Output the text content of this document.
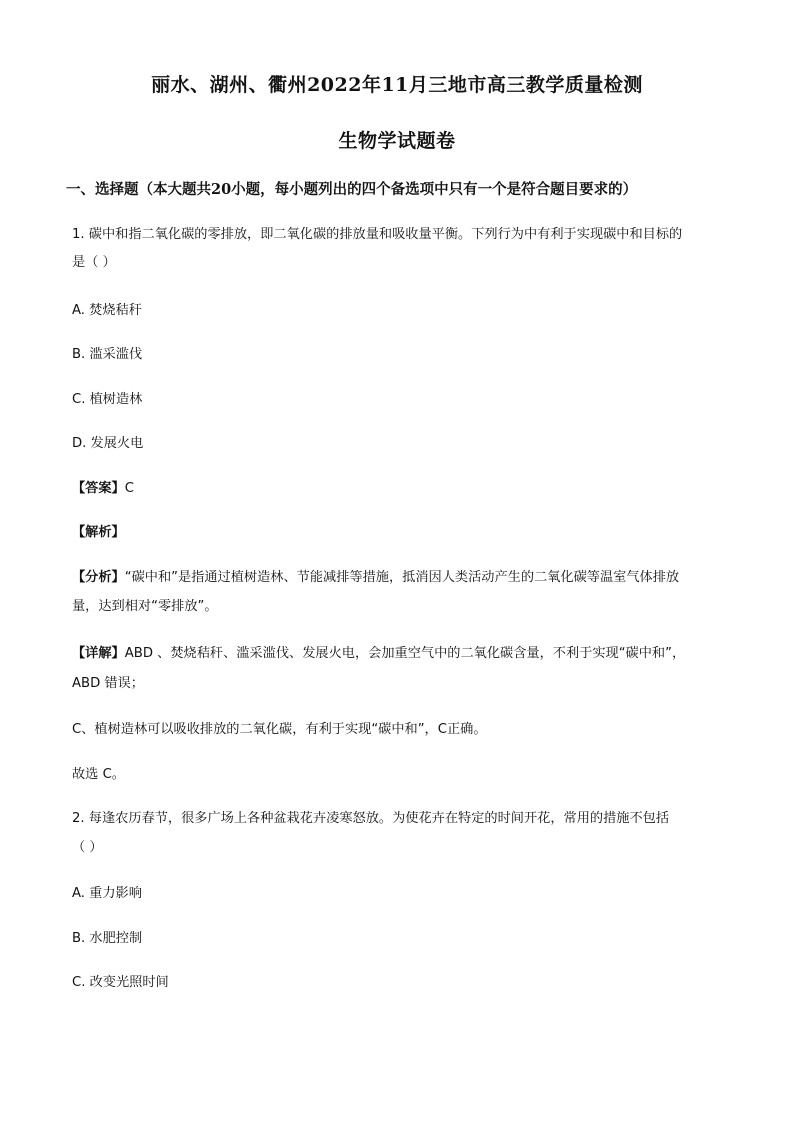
丽水、湖州、衢州2022年11月三地市高三教学质量检测
生物学试题卷
一、选择题（本大题共20小题，每小题列出的四个备选项中只有一个是符合题目要求的）
1. 碳中和指二氧化碳的零排放，即二氧化碳的排放量和吸收量平衡。下列行为中有利于实现碳中和目标的
是（ ）
A. 焚烧秸秆
B. 滥采滥伐
C. 植树造林
D. 发展火电
【答案】C
【解析】
【分析】“碳中和”是指通过植树造林、节能减排等措施，抵消因人类活动产生的二氧化碳等温室气体排放
量，达到相对“零排放”。
【详解】ABD 、焚烧秸秆、滥采滥伐、发展火电，会加重空气中的二氧化碳含量，不利于实现“碳中和”，
ABD 错误；
C、植树造林可以吸收排放的二氧化碳，有利于实现“碳中和”，C正确。
故选 C。
2. 每逢农历春节，很多广场上各种盆栽花卉凌寒怒放。为使花卉在特定的时间开花，常用的措施不包括
（ ）
A. 重力影响
B. 水肥控制
C. 改变光照时间
